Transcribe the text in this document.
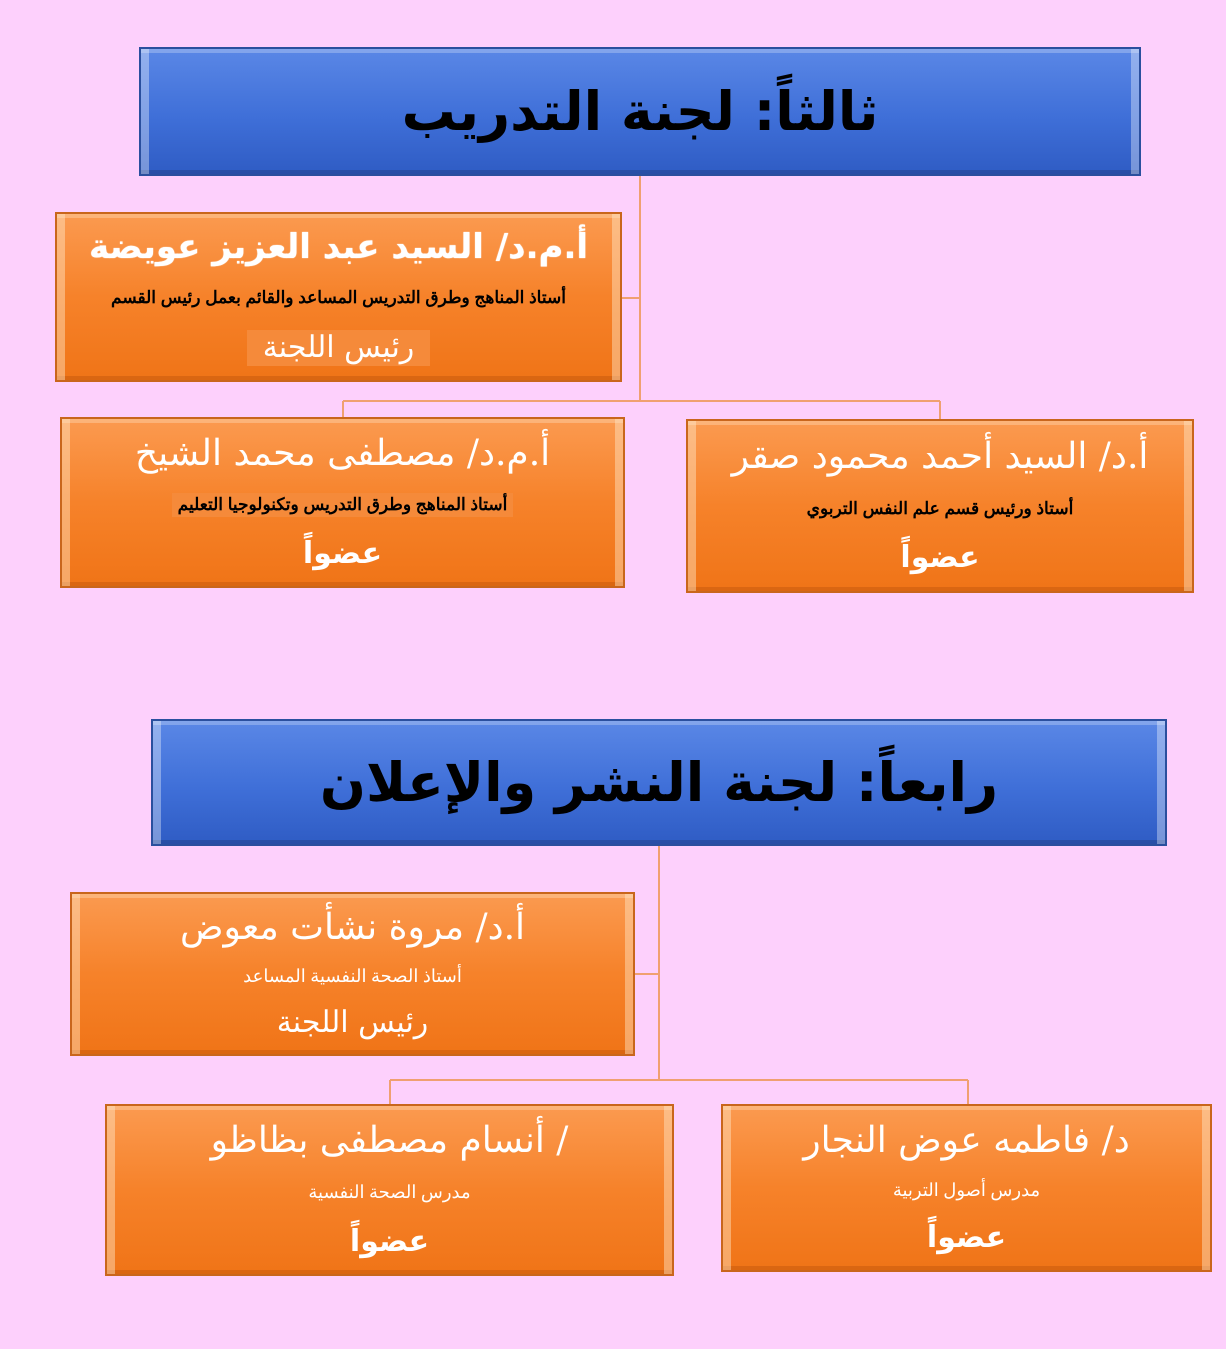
ثالثاً: لجنة التدريب
أ.م.د/ السيد عبد العزيز عويضة
أستاذ المناهج وطرق التدريس المساعد والقائم بعمل رئيس القسم
رئيس اللجنة
أ.د/ السيد أحمد محمود صقر
أستاذ ورئيس قسم علم النفس التربوي
عضواً
أ.م.د/ مصطفى محمد الشيخ
أستاذ المناهج وطرق التدريس وتكنولوجيا التعليم
عضواً
رابعاً: لجنة النشر والإعلان
أ.د/ مروة نشأت معوض
أستاذ الصحة النفسية المساعد
رئيس اللجنة
د/ فاطمه عوض النجار
مدرس أصول التربية
عضواً
/ أنسام مصطفى بظاظو
مدرس الصحة النفسية
عضواً
